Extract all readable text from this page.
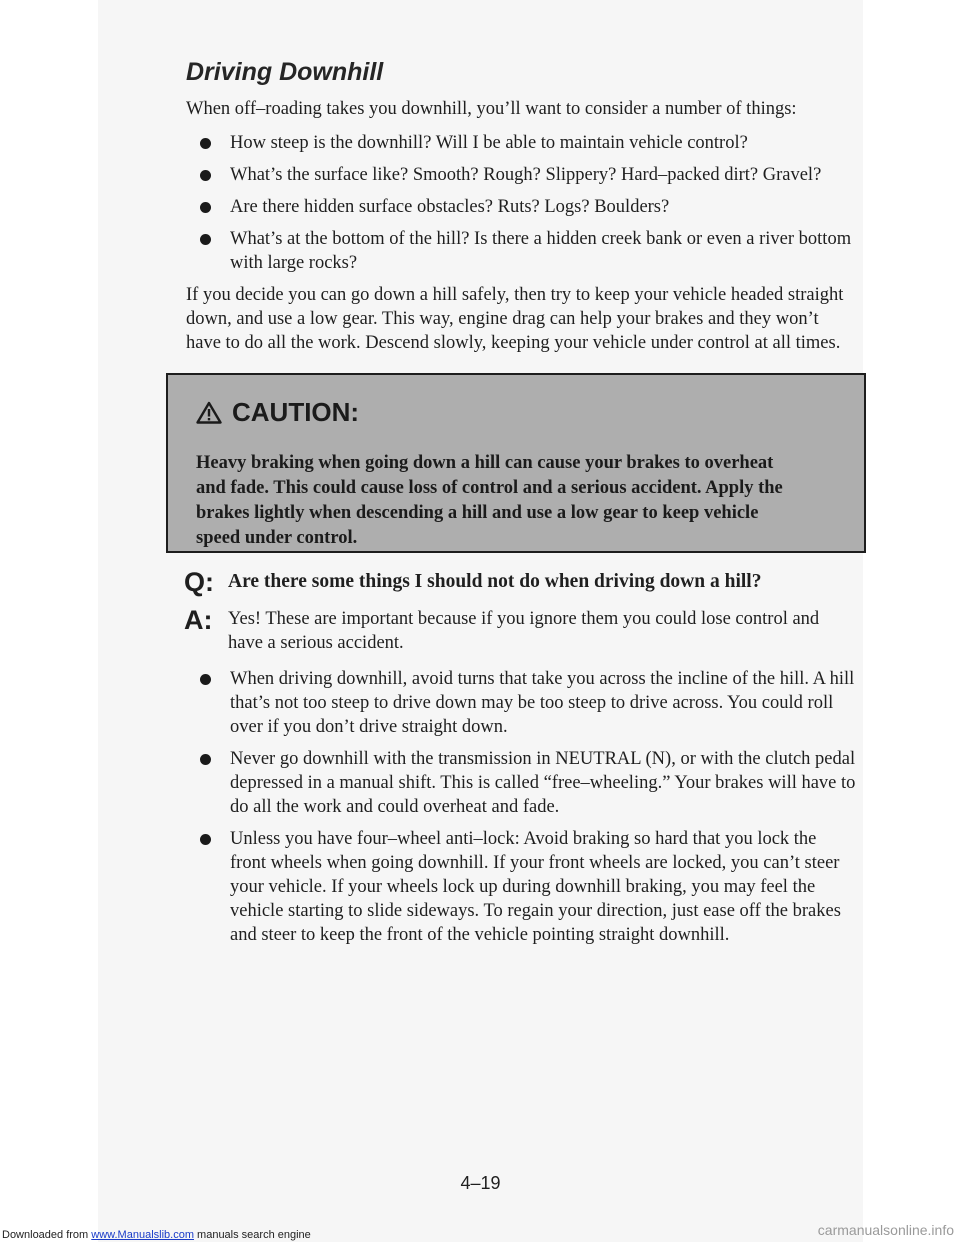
Driving Downhill

When off–roading takes you downhill, you’ll want to consider a number of things:

How steep is the downhill? Will I be able to maintain vehicle control?
What’s the surface like? Smooth? Rough? Slippery? Hard–packed dirt? Gravel?
Are there hidden surface obstacles? Ruts? Logs? Boulders?
What’s at the bottom of the hill? Is there a hidden creek bank or even a river bottom with large rocks?

If you decide you can go down a hill safely, then try to keep your vehicle headed straight down, and use a low gear. This way, engine drag can help your brakes and they won’t have to do all the work. Descend slowly, keeping your vehicle under control at all times.

CAUTION:
Heavy braking when going down a hill can cause your brakes to overheat and fade. This could cause loss of control and a serious accident. Apply the brakes lightly when descending a hill and use a low gear to keep vehicle speed under control.
Q: Are there some things I should not do when driving down a hill?
A: Yes! These are important because if you ignore them you could lose control and have a serious accident.
When driving downhill, avoid turns that take you across the incline of the hill. A hill that’s not too steep to drive down may be too steep to drive across. You could roll over if you don’t drive straight down.
Never go downhill with the transmission in NEUTRAL (N), or with the clutch pedal depressed in a manual shift. This is called “free–wheeling.” Your brakes will have to do all the work and could overheat and fade.
Unless you have four–wheel anti–lock: Avoid braking so hard that you lock the front wheels when going downhill. If your front wheels are locked, you can’t steer your vehicle. If your wheels lock up during downhill braking, you may feel the vehicle starting to slide sideways. To regain your direction, just ease off the brakes and steer to keep the front of the vehicle pointing straight downhill.
4–19
Downloaded from www.Manualslib.com manuals search engine	carmanualsonline.info
